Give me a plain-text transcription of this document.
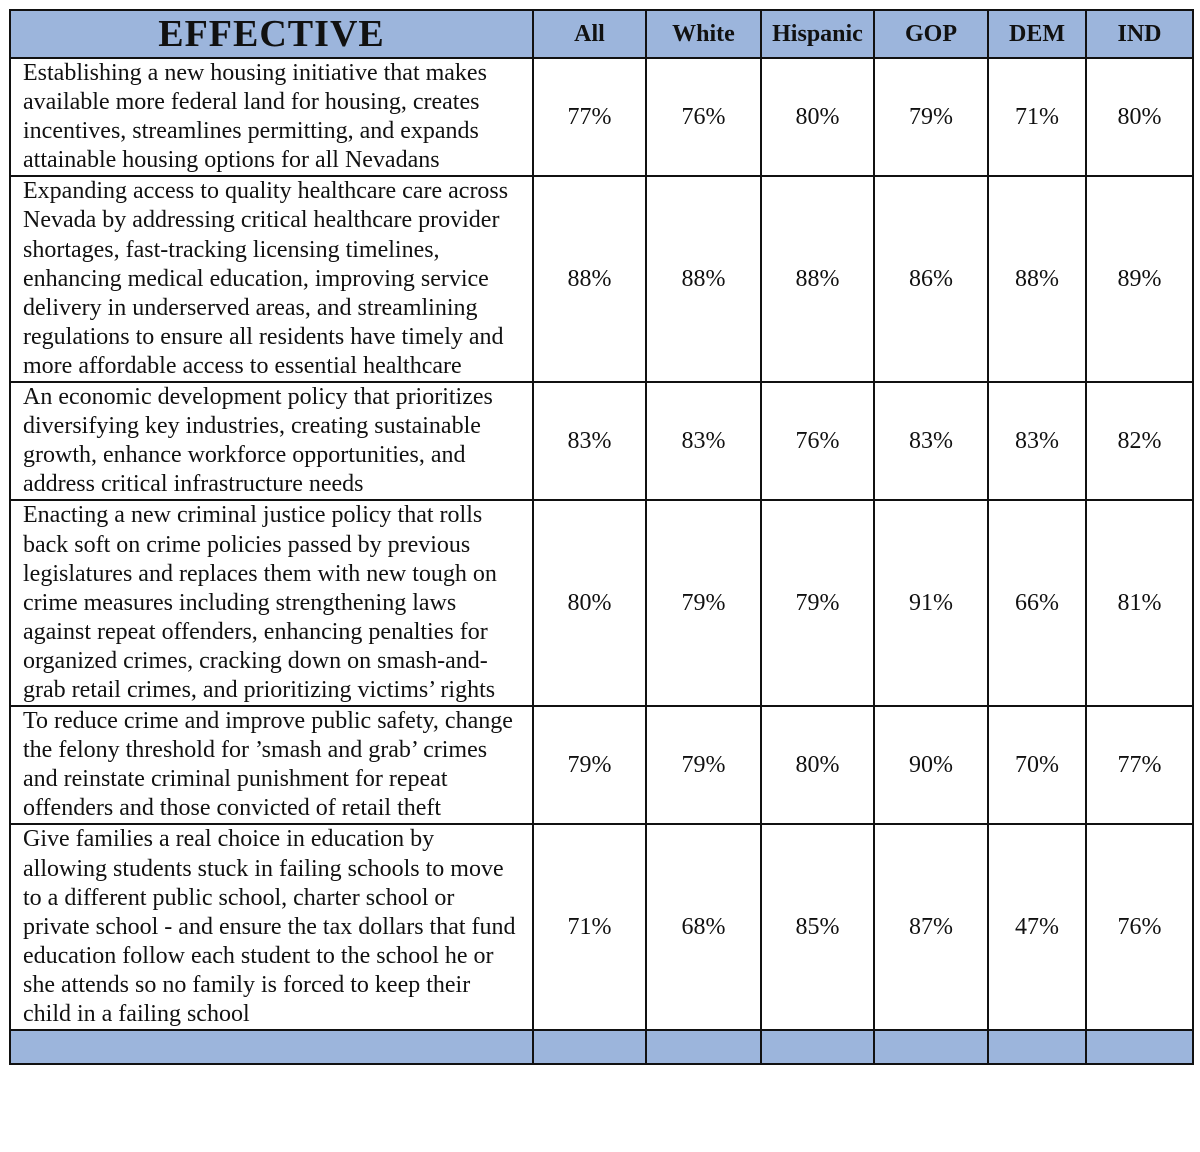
EFFECTIVE	All	White	Hispanic	GOP	DEM	IND
Establishing a new housing initiative that makes available more federal land for housing, creates incentives, streamlines permitting, and expands attainable housing options for all Nevadans	77%	76%	80%	79%	71%	80%
Expanding access to quality healthcare care across Nevada by addressing critical healthcare provider shortages, fast-tracking licensing timelines, enhancing medical education, improving service delivery in underserved areas, and streamlining regulations to ensure all residents have timely and more affordable access to essential healthcare	88%	88%	88%	86%	88%	89%
An economic development policy that prioritizes diversifying key industries, creating sustainable growth, enhance workforce opportunities, and address critical infrastructure needs	83%	83%	76%	83%	83%	82%
Enacting a new criminal justice policy that rolls back soft on crime policies passed by previous legislatures and replaces them with new tough on crime measures including strengthening laws against repeat offenders, enhancing penalties for organized crimes, cracking down on smash-and-grab retail crimes, and prioritizing victims’ rights	80%	79%	79%	91%	66%	81%
To reduce crime and improve public safety, change the felony threshold for ’smash and grab’ crimes and reinstate criminal punishment for repeat offenders and those convicted of retail theft	79%	79%	80%	90%	70%	77%
Give families a real choice in education by allowing students stuck in failing schools to move to a different public school, charter school or private school - and ensure the tax dollars that fund education follow each student to the school he or she attends so no family is forced to keep their child in a failing school	71%	68%	85%	87%	47%	76%
